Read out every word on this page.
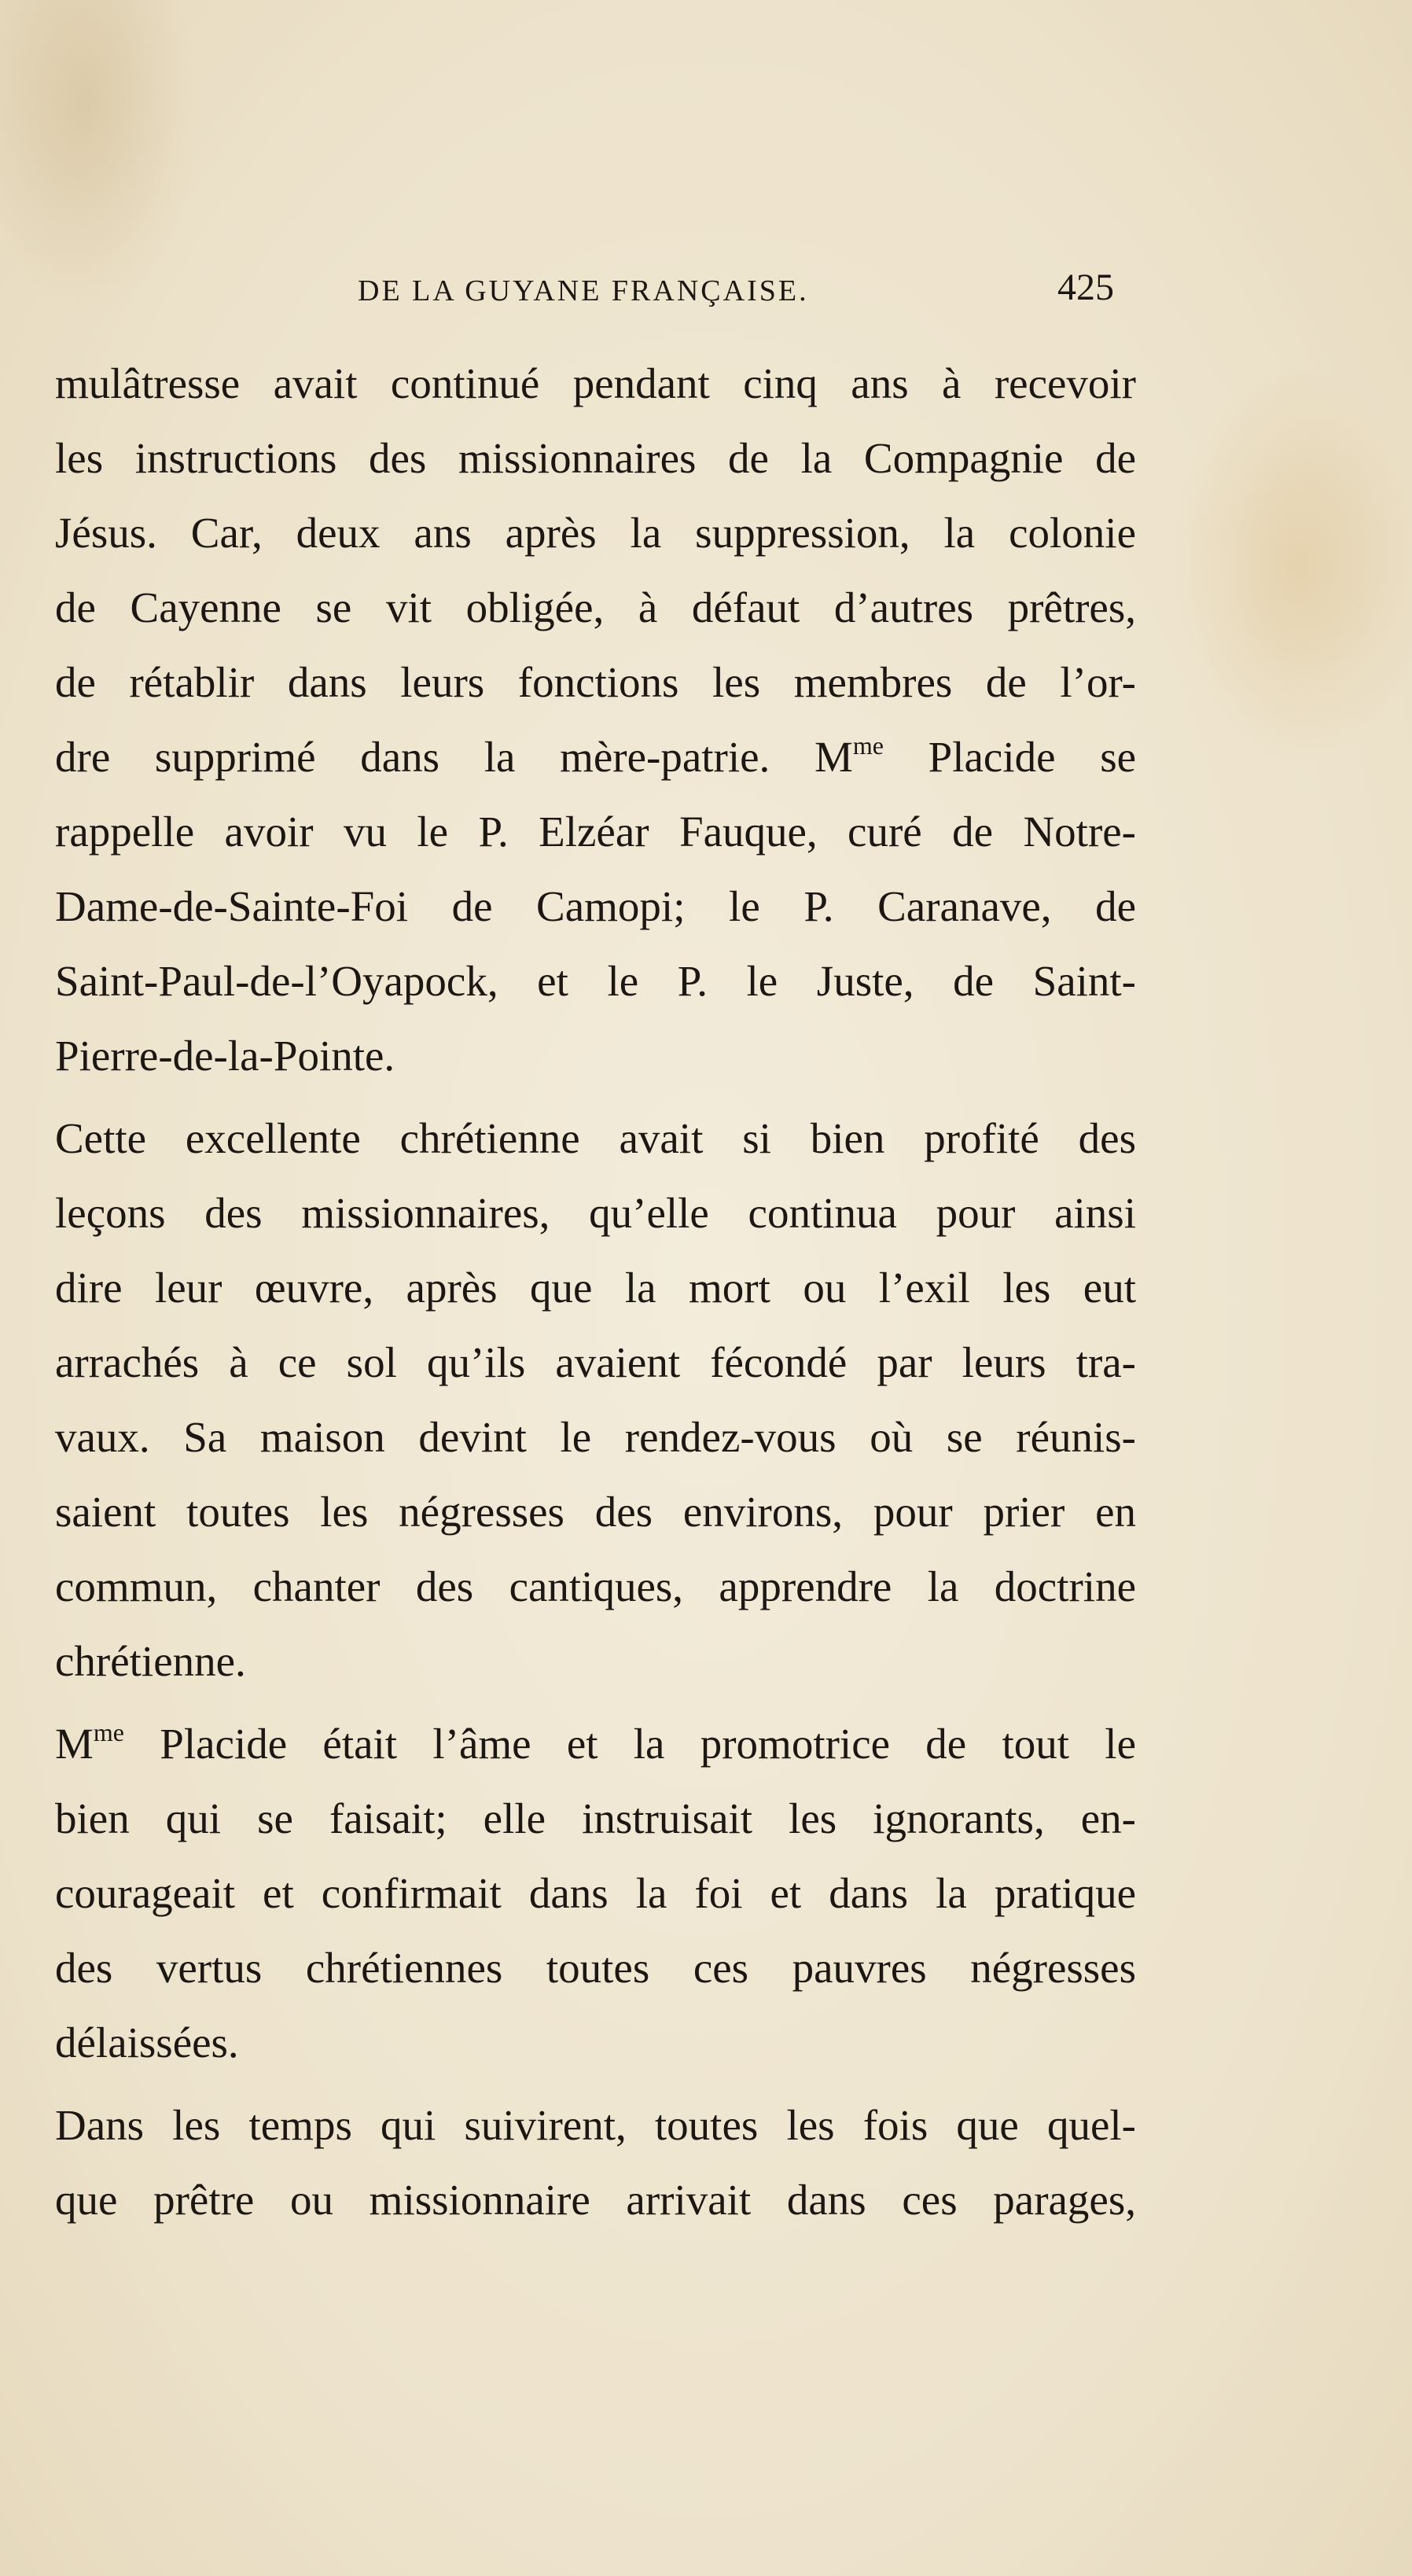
DE LA GUYANE FRANÇAISE.	425
mulâtresse avait continué pendant cinq ans à recevoir
les instructions des missionnaires de la Compagnie de
Jésus. Car, deux ans après la suppression, la colonie
de Cayenne se vit obligée, à défaut d’autres prêtres,
de rétablir dans leurs fonctions les membres de l’or-
dre supprimé dans la mère-patrie. $M^{me}$ Placide se
rappelle avoir vu le P. Elzéar Fauque, curé de Notre-
Dame-de-Sainte-Foi de Camopi; le P. Caranave, de
Saint-Paul-de-l’Oyapock, et le P. le Juste, de Saint-
Pierre-de-la-Pointe.
Cette excellente chrétienne avait si bien profité des
leçons des missionnaires, qu’elle continua pour ainsi
dire leur œuvre, après que la mort ou l’exil les eut
arrachés à ce sol qu’ils avaient fécondé par leurs tra-
vaux. Sa maison devint le rendez-vous où se réunis-
saient toutes les négresses des environs, pour prier en
commun, chanter des cantiques, apprendre la doctrine
chrétienne.
$M^{me}$ Placide était l’âme et la promotrice de tout le
bien qui se faisait; elle instruisait les ignorants, en-
courageait et confirmait dans la foi et dans la pratique
des vertus chrétiennes toutes ces pauvres négresses
délaissées.
Dans les temps qui suivirent, toutes les fois que quel-
que prêtre ou missionnaire arrivait dans ces parages,
